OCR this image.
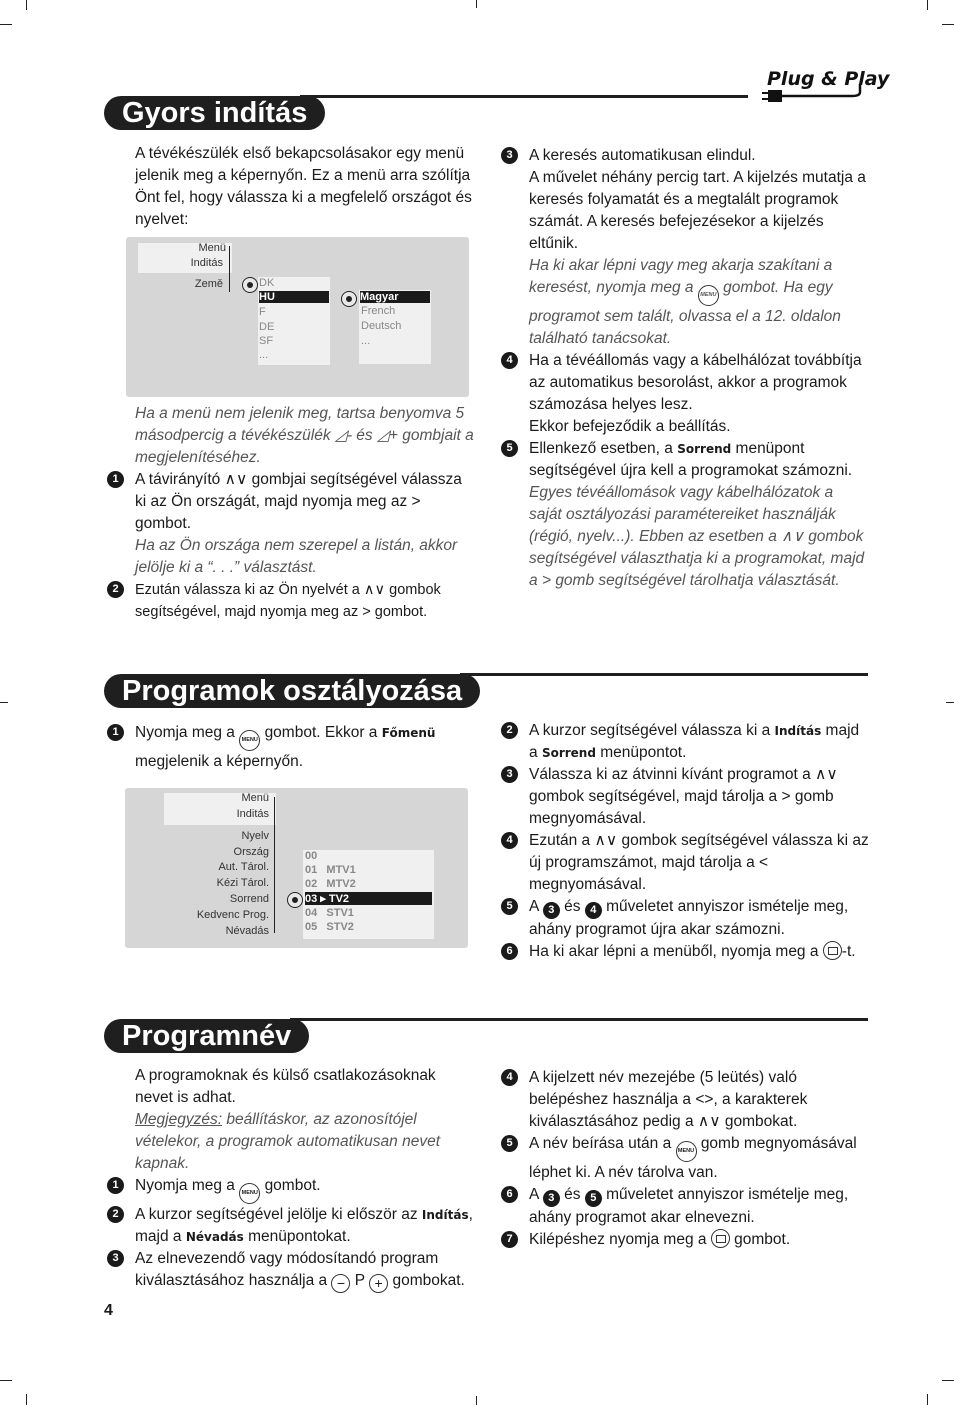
Plug & Play
Gyors indítás

A tévékészülék első bekapcsolásakor egy menü jelenik meg a képernyőn. Ez a menü arra szólítja Önt fel, hogy válassza ki a megfelelő országot és nyelvet:

Menü
Inditás
Země	DK
HU
F
DE
SF
...
Magyar
French
Deutsch
...

Ha a menü nem jelenik meg, tartsa benyomva 5 másodpercig a tévékészülék ◿- és ◿+ gombjait a megjelenítéséhez.

1	A távirányító ∧∨ gombjai segítségével válassza ki az Ön országát, majd nyomja meg az > gombot.

Ha az Ön országa nem szerepel a listán, akkor jelölje ki a “. . .” választást.

2	Ezután válassza ki az Ön nyelvét a ∧∨ gombok segítségével, majd nyomja meg az > gombot.

3	A keresés automatikusan elindul.

A művelet néhány percig tart. A kijelzés mutatja a keresés folyamatát és a megtalált programok számát. A keresés befejezésekor a kijelzés eltűnik.

Ha ki akar lépni vagy meg akarja szakítani a keresést, nyomja meg a MENU gombot. Ha egy programot sem talált, olvassa el a 12. oldalon található tanácsokat.

4	Ha a tévéállomás vagy a kábelhálózat továbbítja az automatikus besorolást, akkor a programok számozása helyes lesz.

Ekkor befejeződik a beállítás.

5	Ellenkező esetben, a Sorrend menüpont segítségével újra kell a programokat számozni.

Egyes tévéállomások vagy kábelhálózatok a saját osztályozási paramétereiket használják (régió, nyelv...). Ebben az esetben a ∧∨ gombok segítségével választhatja ki a programokat, majd a > gomb segítségével tárolhatja választását.

Programok osztályozása

1	Nyomja meg a MENU gombot. Ekkor a Főmenü megjelenik a képernyőn.

Menü
Inditás
Nyelv
Ország
Aut. Tárol.
Kézi Tárol.
Sorrend
Kedvenc Prog.
Névadás
00
01   MTV1
02   MTV2
03 ▸ TV2
04   STV1
05   STV2

2	A kurzor segítségével válassza ki a Indítás majd a Sorrend menüpontot.

3	Válassza ki az átvinni kívánt programot a ∧∨ gombok segítségével, majd tárolja a > gomb megnyomásával.

4	Ezután a ∧∨ gombok segítségével válassza ki az új programszámot, majd tárolja a < megnyomásával.

5	A 3 és 4 műveletet annyiszor ismételje meg, ahány programot újra akar számozni.

6	Ha ki akar lépni a menüből, nyomja meg a -t.

Programnév

A programoknak és külső csatlakozásoknak nevet is adhat.

Megjegyzés: beállításkor, az azonosítójel vételekor, a programok automatikusan nevet kapnak.

1	Nyomja meg a MENU gombot.

2	A kurzor segítségével jelölje ki először az Indítás, majd a Névadás menüpontokat.

3	Az elnevezendő vagy módosítandó program kiválasztásához használja a − P + gombokat.

4	A kijelzett név mezejébe (5 leütés) való belépéshez használja a <>, a karakterek kiválasztásához pedig a ∧∨ gombokat.

5	A név beírása után a MENU gomb megnyomásával léphet ki. A név tárolva van.

6	A 3 és 5 műveletet annyiszor ismételje meg, ahány programot akar elnevezni.

7	Kilépéshez nyomja meg a gombot.

4
